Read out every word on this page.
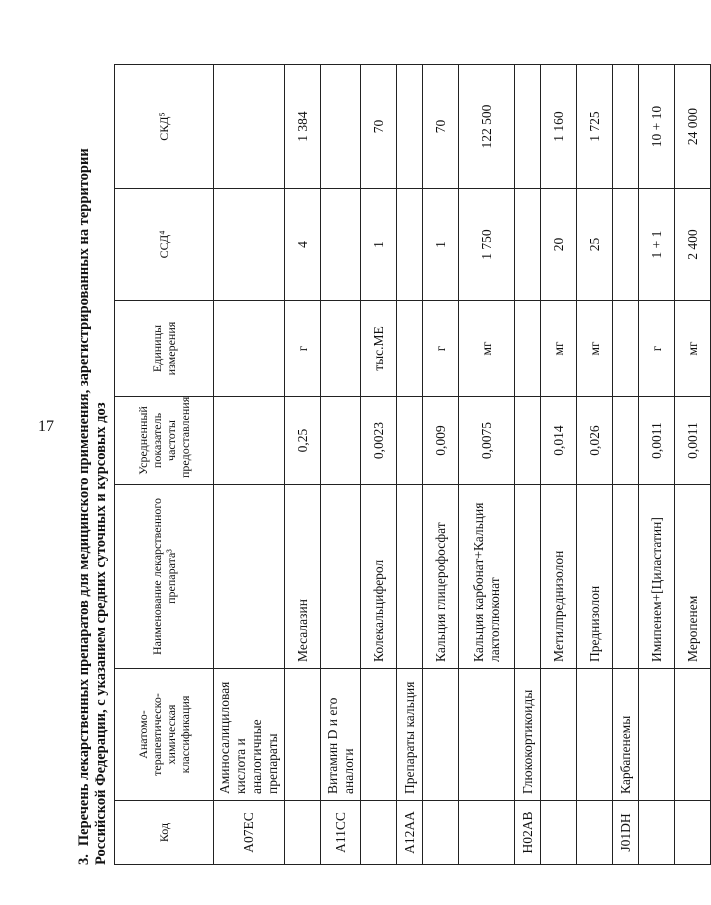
17
3.Перечень лекарственных препаратов для медицинского применения, зарегистрированных на территории Российской Федерации, с указанием средних суточных и курсовых доз	Код	Анатомо-терапевтическо-химическая классификация	Наименование лекарственного препарата³	Усредненный показатель частоты предоставления	Единицы измерения	ССД⁴	СКД⁵
A07EC	Аминосалициловая кислота и аналогичные препараты					
		Месалазин	0,25	г	4	1 384
A11CC	Витамин D и его аналоги					
		Колекальциферол	0,0023	тыс.МЕ	1	70
A12AA	Препараты кальция					
		Кальция глицерофосфат	0,009	г	1	70
		Кальция карбонат+Кальция лактоглюконат	0,0075	мг	1 750	122 500
H02AB	Глюкокортикоиды					
		Метилпреднизолон	0,014	мг	20	1 160
		Преднизолон	0,026	мг	25	1 725
J01DH	Карбапенемы					
		Имипенем+[Циластатин]	0,0011	г	1 + 1	10 + 10
		Меропенем	0,0011	мг	2 400	24 000
